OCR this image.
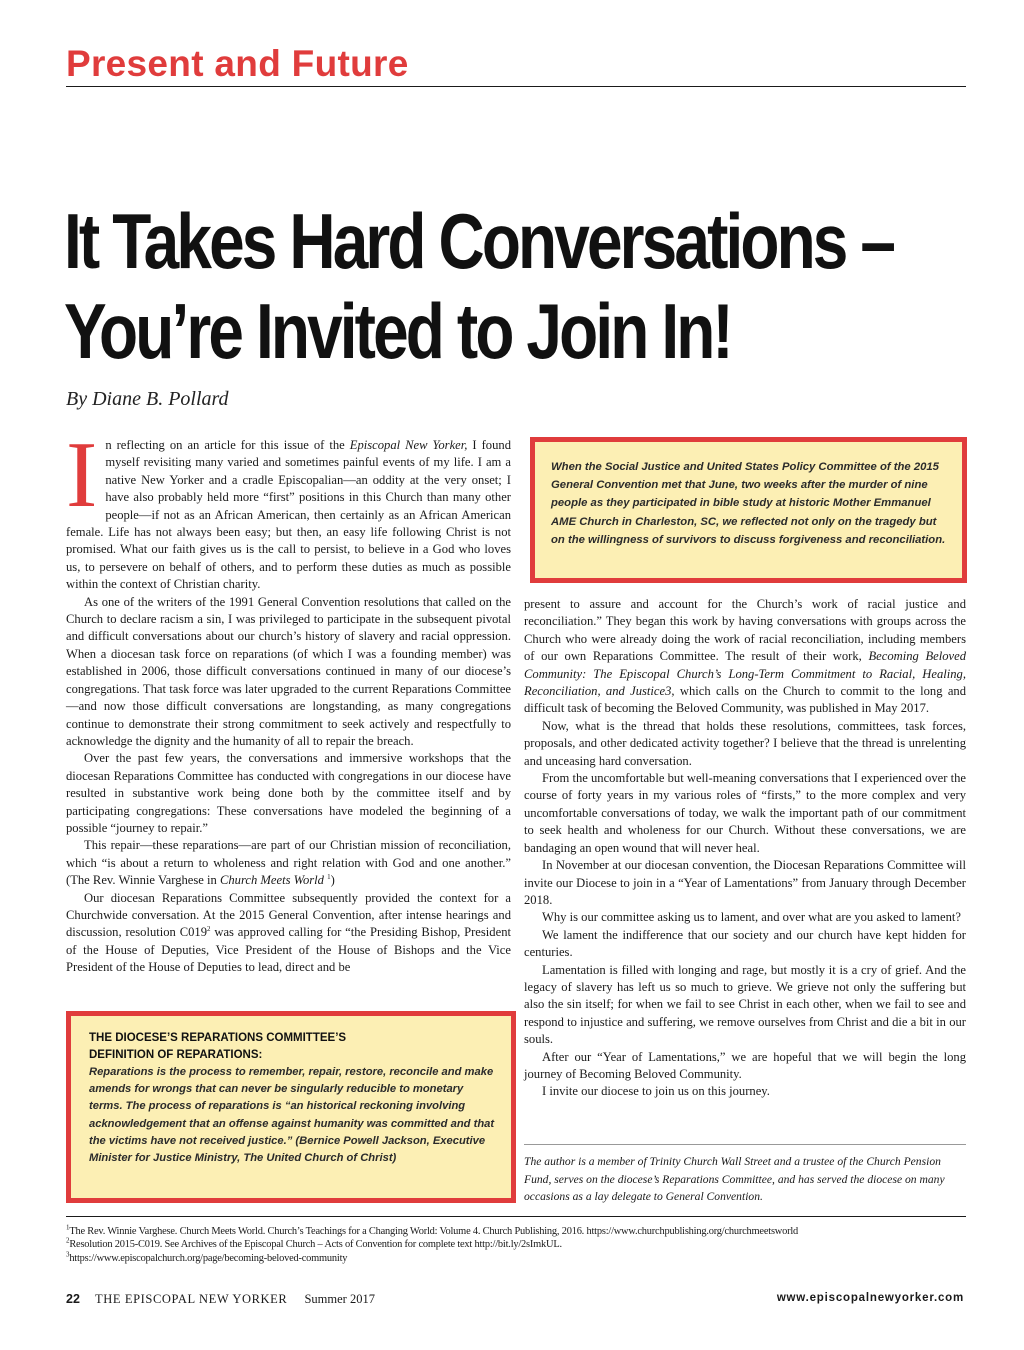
Present and Future
It Takes Hard Conversations –
You’re Invited to Join In!
By Diane B. Pollard

In reflecting on an article for this issue of the Episcopal New Yorker, I found myself revisiting many varied and sometimes painful events of my life. I am a native New Yorker and a cradle Episcopalian—an oddity at the very onset; I have also probably held more “first” positions in this Church than many other people—if not as an African American, then certainly as an African American female. Life has not always been easy; but then, an easy life following Christ is not promised. What our faith gives us is the call to persist, to believe in a God who loves us, to persevere on behalf of others, and to perform these duties as much as possible within the context of Christian charity.

As one of the writers of the 1991 General Convention resolutions that called on the Church to declare racism a sin, I was privileged to participate in the subsequent pivotal and difficult conversations about our church’s history of slavery and racial oppression. When a diocesan task force on reparations (of which I was a founding member) was established in 2006, those difficult conversations continued in many of our diocese’s congregations. That task force was later upgraded to the current Reparations Committee—and now those difficult conversations are longstanding, as many congregations continue to demonstrate their strong commitment to seek actively and respectfully to acknowledge the dignity and the humanity of all to repair the breach.

Over the past few years, the conversations and immersive workshops that the diocesan Reparations Committee has conducted with congregations in our diocese have resulted in substantive work being done both by the committee itself and by participating congregations: These conversations have modeled the beginning of a possible “journey to repair.”

This repair—these reparations—are part of our Christian mission of reconciliation, which “is about a return to wholeness and right relation with God and one another.” (The Rev. Winnie Varghese in Church Meets World $^1$)

Our diocesan Reparations Committee subsequently provided the context for a Churchwide conversation. At the 2015 General Convention, after intense hearings and discussion, resolution $C019^2$ was approved calling for “the Presiding Bishop, President of the House of Deputies, Vice President of the House of Bishops and the Vice President of the House of Deputies to lead, direct and be

When the Social Justice and United States Policy Committee of the 2015 General Convention met that June, two weeks after the murder of nine people as they participated in bible study at historic Mother Emmanuel AME Church in Charleston, SC, we reflected not only on the tragedy but on the willingness of survivors to discuss forgiveness and reconciliation.

present to assure and account for the Church’s work of racial justice and reconciliation.” They began this work by having conversations with groups across the Church who were already doing the work of racial reconciliation, including members of our own Reparations Committee. The result of their work, Becoming Beloved Community: The Episcopal Church’s Long-Term Commitment to Racial, Healing, Reconciliation, and Justice3, which calls on the Church to commit to the long and difficult task of becoming the Beloved Community, was published in May 2017.

Now, what is the thread that holds these resolutions, committees, task forces, proposals, and other dedicated activity together? I believe that the thread is unrelenting and unceasing hard conversation.

From the uncomfortable but well-meaning conversations that I experienced over the course of forty years in my various roles of “firsts,” to the more complex and very uncomfortable conversations of today, we walk the important path of our commitment to seek health and wholeness for our Church. Without these conversations, we are bandaging an open wound that will never heal.

In November at our diocesan convention, the Diocesan Reparations Committee will invite our Diocese to join in a “Year of Lamentations” from January through December 2018.

Why is our committee asking us to lament, and over what are you asked to lament?

We lament the indifference that our society and our church have kept hidden for centuries.

Lamentation is filled with longing and rage, but mostly it is a cry of grief. And the legacy of slavery has left us so much to grieve. We grieve not only the suffering but also the sin itself; for when we fail to see Christ in each other, when we fail to see and respond to injustice and suffering, we remove ourselves from Christ and die a bit in our souls.

After our “Year of Lamentations,” we are hopeful that we will begin the long journey of Becoming Beloved Community.

I invite our diocese to join us on this journey.

THE DIOCESE’S REPARATIONS COMMITTEE’S
DEFINITION OF REPARATIONS:

Reparations is the process to remember, repair, restore, reconcile and make amends for wrongs that can never be singularly reducible to monetary terms. The process of reparations is “an historical reckoning involving acknowledgement that an offense against humanity was committed and that the victims have not received justice.” (Bernice Powell Jackson, Executive Minister for Justice Ministry, The United Church of Christ)	The author is a member of Trinity Church Wall Street and a trustee of the Church Pension Fund, serves on the diocese’s Reparations Committee, and has served the diocese on many occasions as a lay delegate to General Convention.
$^1$The Rev. Winnie Varghese. Church Meets World. Church’s Teachings for a Changing World: Volume 4. Church Publishing, 2016. https://www.churchpublishing.org/churchmeetsworld
$^2$Resolution 2015-C019. See Archives of the Episcopal Church – Acts of Convention for complete text http://bit.ly/2sImkUL.
$^3$https://www.episcopalchurch.org/page/becoming-beloved-community
22 THE EPISCOPAL NEW YORKER Summer 2017	www.episcopalnewyorker.com
